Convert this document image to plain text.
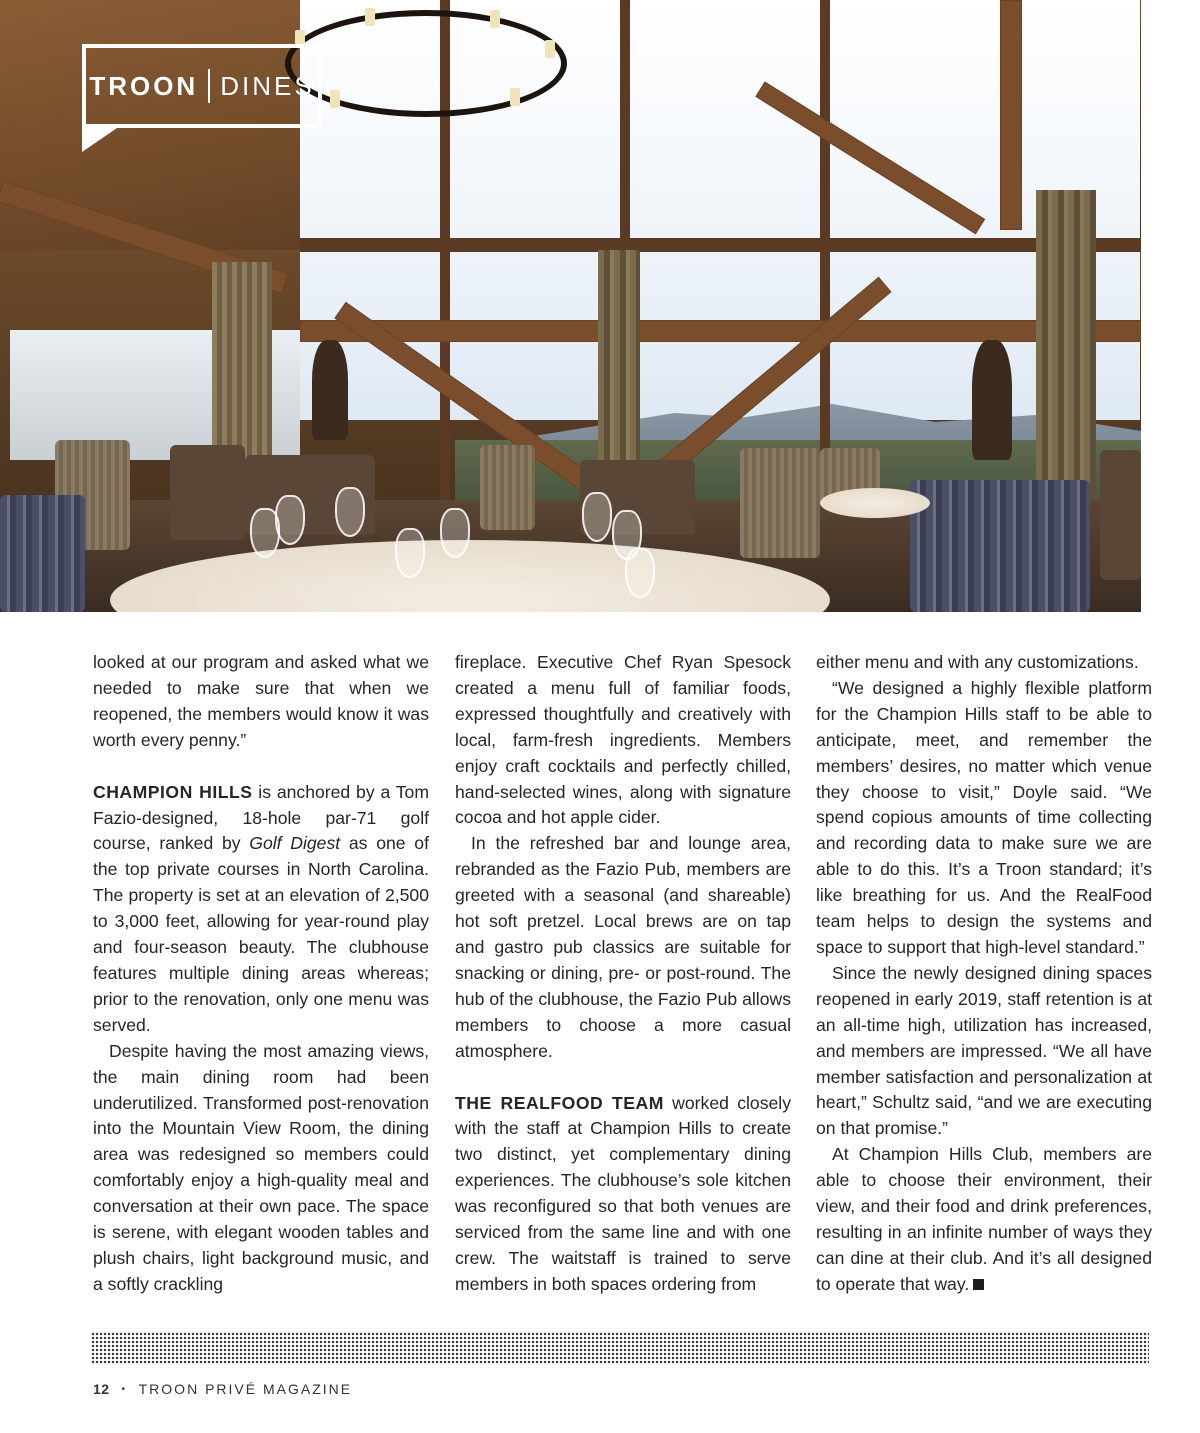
TROON DINES

looked at our program and asked what we needed to make sure that when we reopened, the members would know it was worth every penny.”

CHAMPION HILLS is anchored by a Tom Fazio-designed, 18-hole par-71 golf course, ranked by Golf Digest as one of the top private courses in North Carolina. The property is set at an elevation of 2,500 to 3,000 feet, allowing for year-round play and four-season beauty. The clubhouse features multiple dining areas whereas; prior to the renovation, only one menu was served.

Despite having the most amazing views, the main dining room had been underutilized. Transformed post-renovation into the Mountain View Room, the dining area was redesigned so members could comfortably enjoy a high-quality meal and conversation at their own pace. The space is serene, with elegant wooden tables and plush chairs, light background music, and a softly crackling

fireplace. Executive Chef Ryan Spesock created a menu full of familiar foods, expressed thoughtfully and creatively with local, farm-fresh ingredients. Members enjoy craft cocktails and perfectly chilled, hand-selected wines, along with signature cocoa and hot apple cider.

In the refreshed bar and lounge area, rebranded as the Fazio Pub, members are greeted with a seasonal (and shareable) hot soft pretzel. Local brews are on tap and gastro pub classics are suitable for snacking or dining, pre- or post-round. The hub of the clubhouse, the Fazio Pub allows members to choose a more casual atmosphere.

THE REALFOOD TEAM worked closely with the staff at Champion Hills to create two distinct, yet complementary dining experiences. The clubhouse’s sole kitchen was reconfigured so that both venues are serviced from the same line and with one crew. The waitstaff is trained to serve members in both spaces ordering from

either menu and with any customizations.

“We designed a highly flexible platform for the Champion Hills staff to be able to anticipate, meet, and remember the members’ desires, no matter which venue they choose to visit,” Doyle said. “We spend copious amounts of time collecting and recording data to make sure we are able to do this. It’s a Troon standard; it’s like breathing for us. And the RealFood team helps to design the systems and space to support that high-level standard.”

Since the newly designed dining spaces reopened in early 2019, staff retention is at an all-time high, utilization has increased, and members are impressed. “We all have member satisfaction and personalization at heart,” Schultz said, “and we are executing on that promise.”

At Champion Hills Club, members are able to choose their environment, their view, and their food and drink preferences, resulting in an infinite number of ways they can dine at their club. And it’s all designed to operate that way.

12 • TROON PRIVÉ MAGAZINE
